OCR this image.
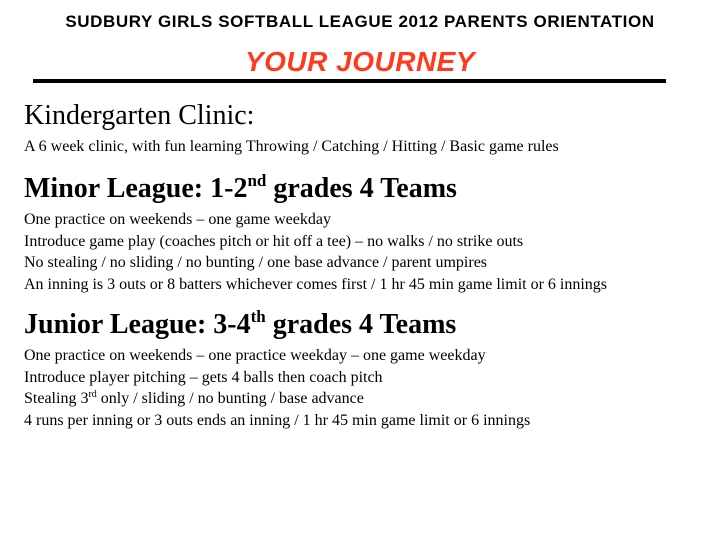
SUDBURY GIRLS SOFTBALL LEAGUE 2012 PARENTS ORIENTATION
YOUR JOURNEY
Kindergarten Clinic:
A 6 week clinic, with fun learning Throwing / Catching / Hitting / Basic game rules
Minor League: 1-2nd grades 4 Teams
One practice on weekends – one game weekday
Introduce game play (coaches pitch or hit off a tee) – no walks / no strike outs
No stealing / no sliding / no bunting / one base advance / parent umpires
An inning is 3 outs or 8 batters whichever comes first / 1 hr 45 min game limit or 6 innings
Junior League: 3-4th grades 4 Teams
One practice on weekends – one practice weekday – one game weekday
Introduce player pitching – gets 4 balls then coach pitch
Stealing 3rd only / sliding / no bunting / base advance
4 runs per inning or 3 outs ends an inning / 1 hr 45 min game limit or 6 innings
